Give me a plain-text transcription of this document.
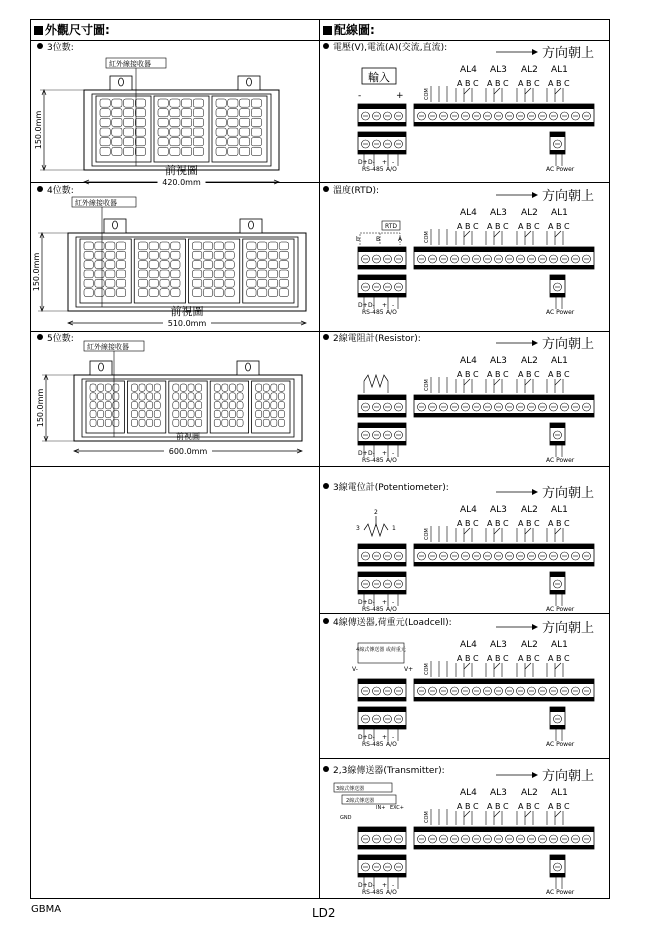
外觀尺寸圖:	配線圖:
3位數:
紅外線接收器
前視圖
150.0mm
420.0mm
4位數:
紅外線接收器
前視圖
150.0mm
510.0mm
5位數:
紅外線接收器
前視圖
150.0mm
600.0mm
電壓(V),電流(A)(交流,直流):	方向朝上
AL4
A B C
AL3
A B C
AL2
A B C
AL1
A B C
COM
D+ D- + -
RS-485 A/O	AC Power
輸入
-	+
溫度(RTD):	方向朝上
AL4
A B C
AL3
A B C
AL2
A B C
AL1
A B C
COM
D+ D- + -
RS-485 A/O	AC Power
RTD
b	B	A
2線電阻計(Resistor):	方向朝上
AL4
A B C
AL3
A B C
AL2
A B C
AL1
A B C
COM
D+ D- + -
RS-485 A/O	AC Power
3線電位計(Potentiometer):	方向朝上
AL4
A B C
AL3
A B C
AL2
A B C
AL1
A B C
COM
D+ D- + -
RS-485 A/O	AC Power
3
2
1
4線傳送器,荷重元(Loadcell):	方向朝上
AL4
A B C
AL3
A B C
AL2
A B C
AL1
A B C
COM
D+ D- + -
RS-485 A/O	AC Power
4線式傳送器 或荷重元
V-	V+
2,3線傳送器(Transmitter):	方向朝上
AL4
A B C
AL3
A B C
AL2
A B C
AL1
A B C
COM
D+ D- + -
RS-485 A/O	AC Power
3線式傳送器
2線式傳送器
IN+ EXC+
GND
GBMA	LD2
